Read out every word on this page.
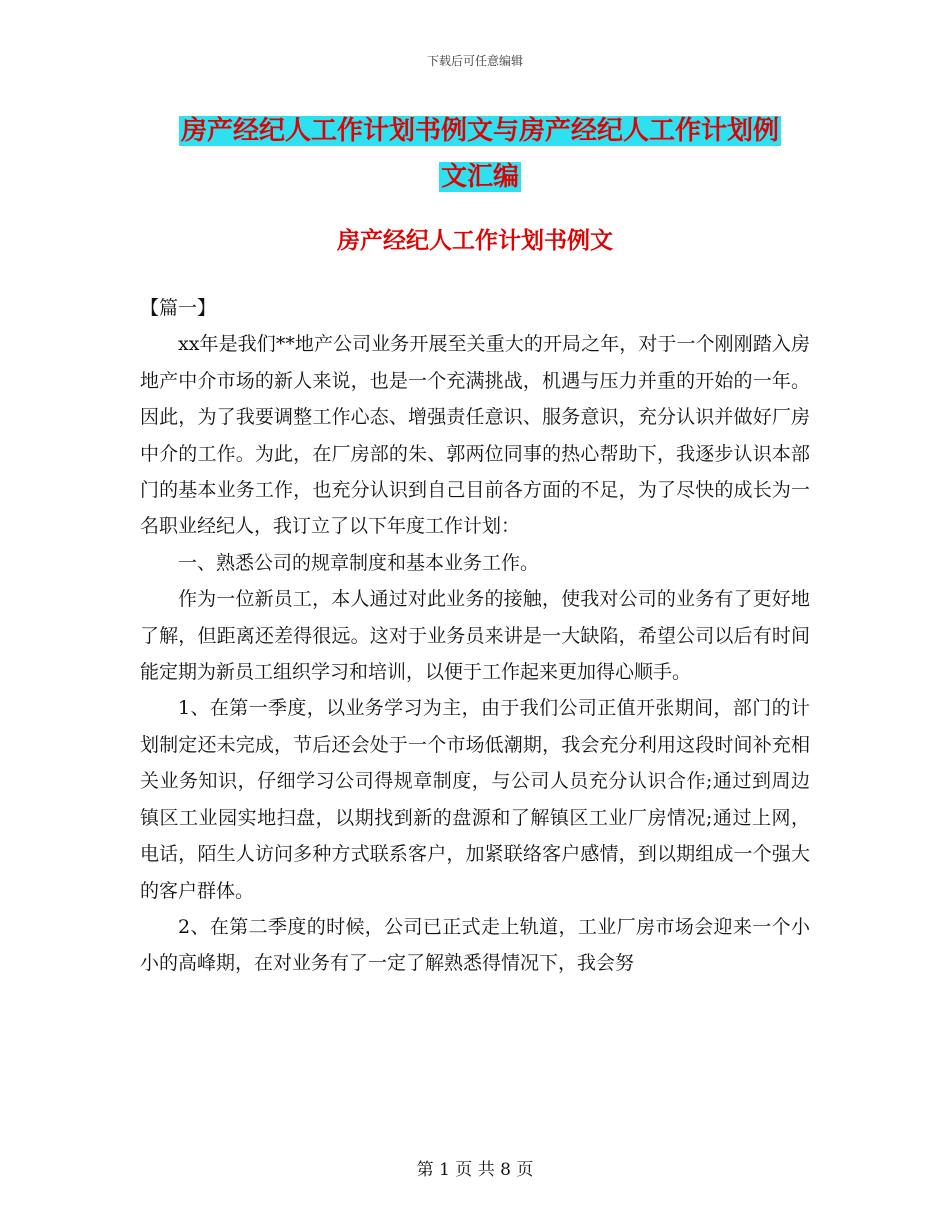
下载后可任意编辑
房产经纪人工作计划书例文与房产经纪人工作计划例
文汇编
房产经纪人工作计划书例文

【篇一】

xx年是我们**地产公司业务开展至关重大的开局之年，对于一个刚刚踏入房地产中介市场的新人来说，也是一个充满挑战，机遇与压力并重的开始的一年。因此，为了我要调整工作心态、增强责任意识、服务意识，充分认识并做好厂房中介的工作。为此，在厂房部的朱、郭两位同事的热心帮助下，我逐步认识本部门的基本业务工作，也充分认识到自己目前各方面的不足，为了尽快的成长为一名职业经纪人，我订立了以下年度工作计划：

一、熟悉公司的规章制度和基本业务工作。

作为一位新员工，本人通过对此业务的接触，使我对公司的业务有了更好地了解，但距离还差得很远。这对于业务员来讲是一大缺陷，希望公司以后有时间能定期为新员工组织学习和培训，以便于工作起来更加得心顺手。

1、在第一季度，以业务学习为主，由于我们公司正值开张期间，部门的计划制定还未完成，节后还会处于一个市场低潮期，我会充分利用这段时间补充相关业务知识，仔细学习公司得规章制度，与公司人员充分认识合作;通过到周边镇区工业园实地扫盘，以期找到新的盘源和了解镇区工业厂房情况;通过上网，电话，陌生人访问多种方式联系客户，加紧联络客户感情，到以期组成一个强大的客户群体。

2、在第二季度的时候，公司已正式走上轨道，工业厂房市场会迎来一个小小的高峰期，在对业务有了一定了解熟悉得情况下，我会努

第 1 页 共 8 页
